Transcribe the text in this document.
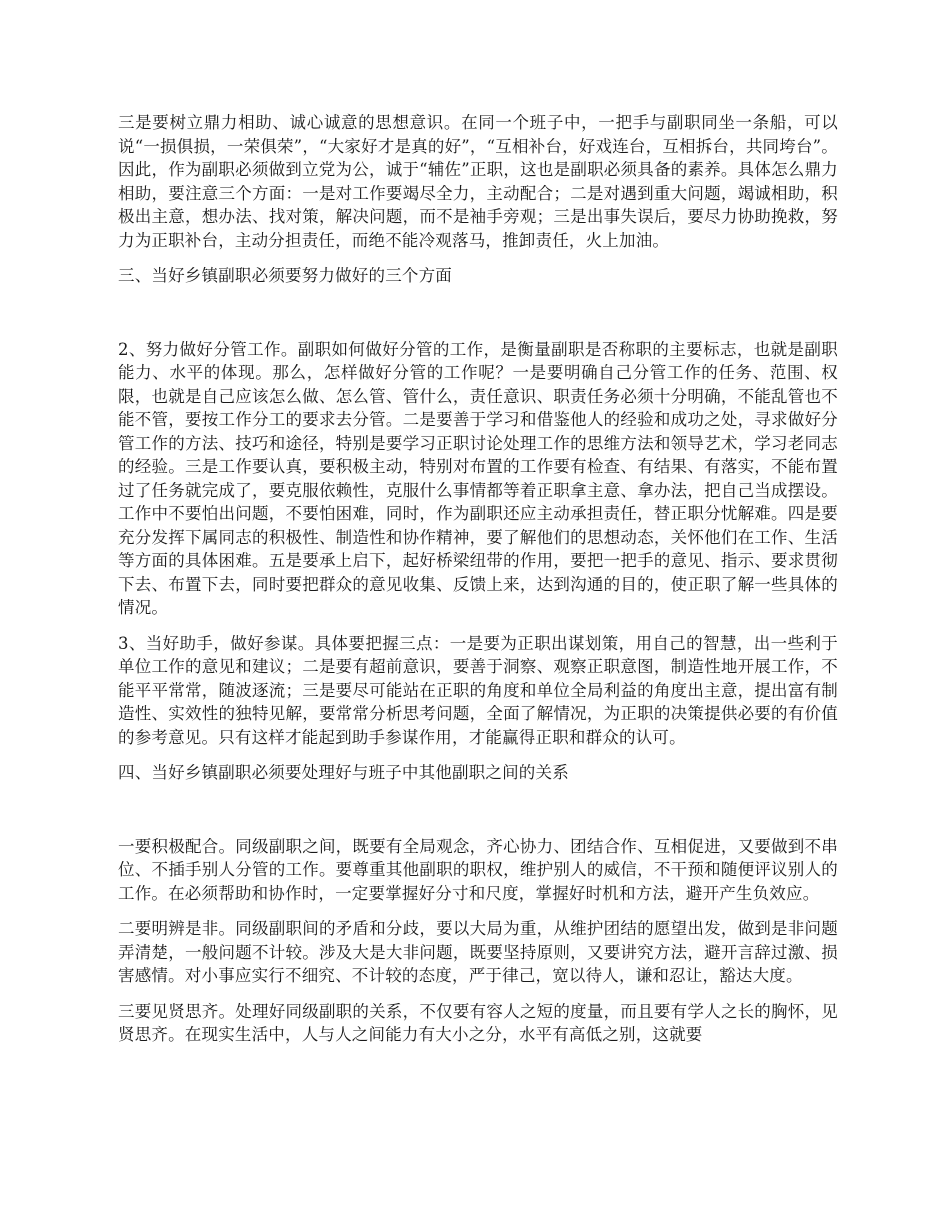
三是要树立鼎力相助、诚心诚意的思想意识。在同一个班子中，一把手与副职同坐一条船，可以说“一损俱损，一荣俱荣”，“大家好才是真的好”，“互相补台，好戏连台，互相拆台，共同垮台”。因此，作为副职必须做到立党为公，诚于“辅佐”正职，这也是副职必须具备的素养。具体怎么鼎力相助，要注意三个方面：一是对工作要竭尽全力，主动配合；二是对遇到重大问题，竭诚相助，积极出主意，想办法、找对策，解决问题，而不是袖手旁观；三是出事失误后，要尽力协助挽救，努力为正职补台，主动分担责任，而绝不能冷观落马，推卸责任，火上加油。

三、当好乡镇副职必须要努力做好的三个方面

2、努力做好分管工作。副职如何做好分管的工作，是衡量副职是否称职的主要标志，也就是副职能力、水平的体现。那么，怎样做好分管的工作呢？一是要明确自己分管工作的任务、范围、权限，也就是自己应该怎么做、怎么管、管什么，责任意识、职责任务必须十分明确，不能乱管也不能不管，要按工作分工的要求去分管。二是要善于学习和借鉴他人的经验和成功之处，寻求做好分管工作的方法、技巧和途径，特别是要学习正职讨论处理工作的思维方法和领导艺术，学习老同志的经验。三是工作要认真，要积极主动，特别对布置的工作要有检查、有结果、有落实，不能布置过了任务就完成了，要克服依赖性，克服什么事情都等着正职拿主意、拿办法，把自己当成摆设。工作中不要怕出问题，不要怕困难，同时，作为副职还应主动承担责任，替正职分忧解难。四是要充分发挥下属同志的积极性、制造性和协作精神，要了解他们的思想动态，关怀他们在工作、生活等方面的具体困难。五是要承上启下，起好桥梁纽带的作用，要把一把手的意见、指示、要求贯彻下去、布置下去，同时要把群众的意见收集、反馈上来，达到沟通的目的，使正职了解一些具体的情况。

3、当好助手，做好参谋。具体要把握三点：一是要为正职出谋划策，用自己的智慧，出一些利于单位工作的意见和建议；二是要有超前意识，要善于洞察、观察正职意图，制造性地开展工作，不能平平常常，随波逐流；三是要尽可能站在正职的角度和单位全局利益的角度出主意，提出富有制造性、实效性的独特见解，要常常分析思考问题，全面了解情况，为正职的决策提供必要的有价值的参考意见。只有这样才能起到助手参谋作用，才能赢得正职和群众的认可。

四、当好乡镇副职必须要处理好与班子中其他副职之间的关系

一要积极配合。同级副职之间，既要有全局观念，齐心协力、团结合作、互相促进，又要做到不串位、不插手别人分管的工作。要尊重其他副职的职权，维护别人的威信，不干预和随便评议别人的工作。在必须帮助和协作时，一定要掌握好分寸和尺度，掌握好时机和方法，避开产生负效应。

二要明辨是非。同级副职间的矛盾和分歧，要以大局为重，从维护团结的愿望出发，做到是非问题弄清楚，一般问题不计较。涉及大是大非问题，既要坚持原则，又要讲究方法，避开言辞过激、损害感情。对小事应实行不细究、不计较的态度，严于律己，宽以待人，谦和忍让，豁达大度。

三要见贤思齐。处理好同级副职的关系，不仅要有容人之短的度量，而且要有学人之长的胸怀，见贤思齐。在现实生活中，人与人之间能力有大小之分，水平有高低之别，这就要
